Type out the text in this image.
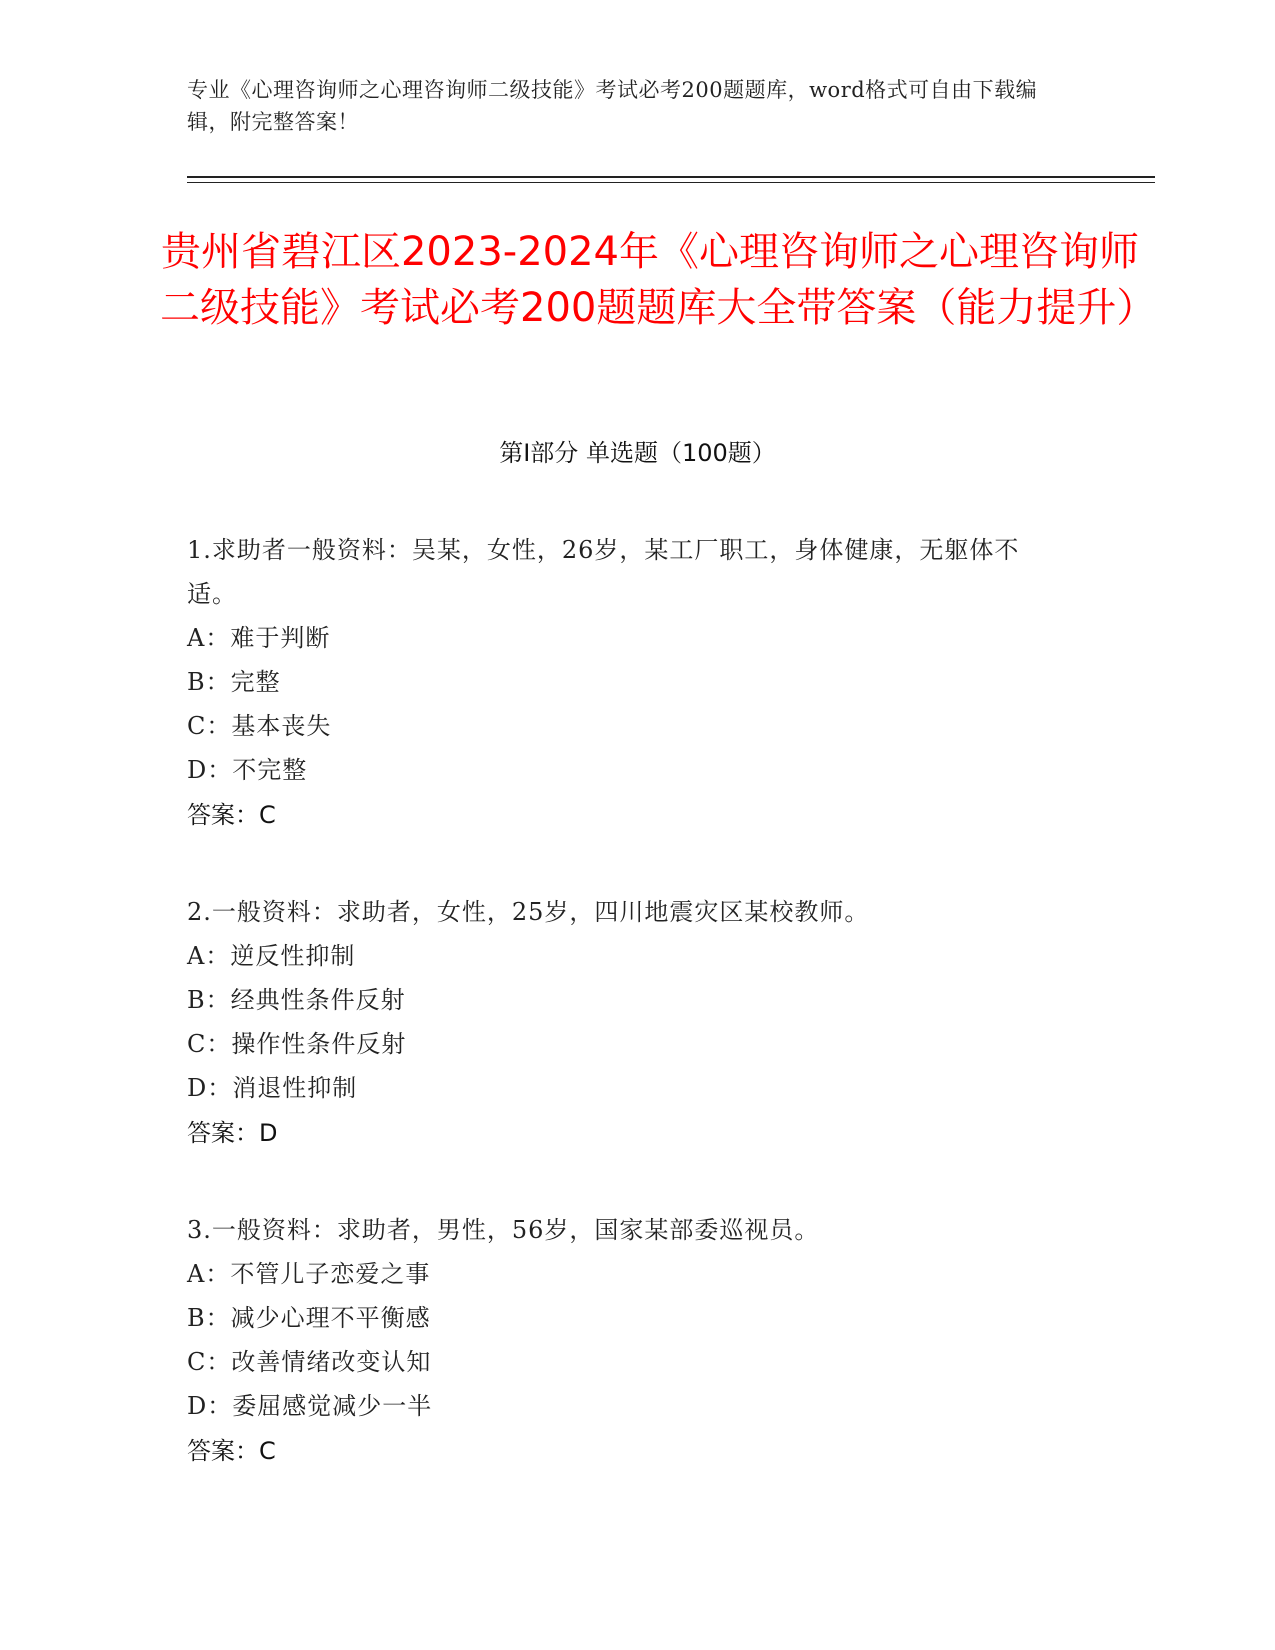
专业《心理咨询师之心理咨询师二级技能》考试必考200题题库，word格式可自由下载编辑，附完整答案！
贵州省碧江区2023-2024年《心理咨询师之心理咨询师二级技能》考试必考200题题库大全带答案（能力提升）
第I部分 单选题（100题）
1.求助者一般资料：吴某，女性，26岁，某工厂职工，身体健康，无躯体不适。
A：难于判断
B：完整
C：基本丧失
D：不完整
答案：C
2.一般资料：求助者，女性，25岁，四川地震灾区某校教师。
A：逆反性抑制
B：经典性条件反射
C：操作性条件反射
D：消退性抑制
答案：D
3.一般资料：求助者，男性，56岁，国家某部委巡视员。
A：不管儿子恋爱之事
B：减少心理不平衡感
C：改善情绪改变认知
D：委屈感觉减少一半
答案：C
